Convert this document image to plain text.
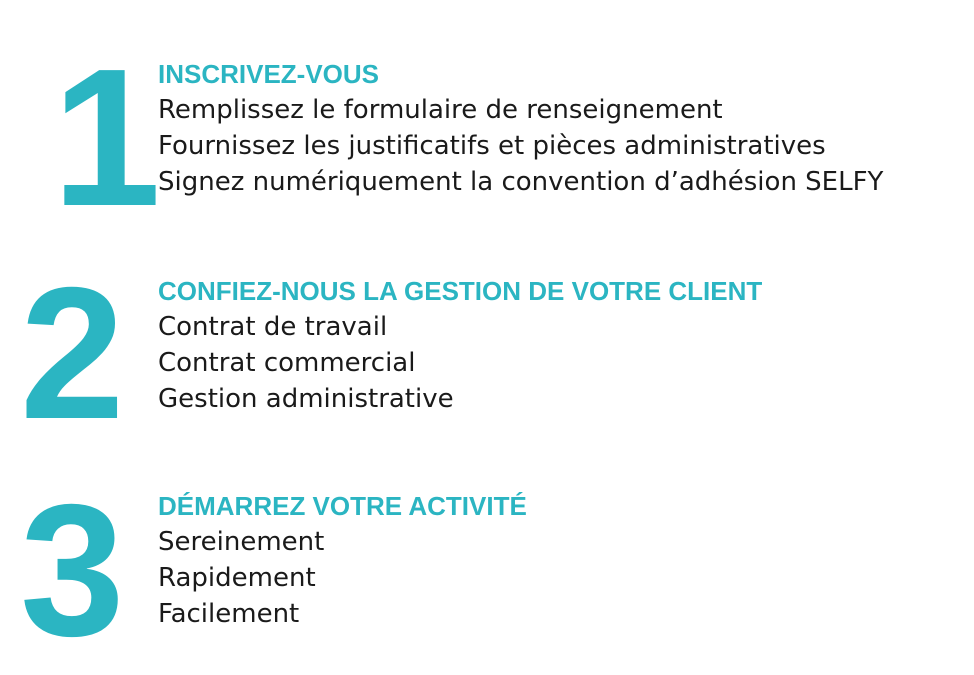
1 INSCRIVEZ-VOUS
Remplissez le formulaire de renseignement
Fournissez les justificatifs et pièces administratives
Signez numériquement la convention d’adhésion SELFY
2 CONFIEZ-NOUS LA GESTION DE VOTRE CLIENT
Contrat de travail
Contrat commercial
Gestion administrative
3 DÉMARREZ VOTRE ACTIVITÉ
Sereinement
Rapidement
Facilement
